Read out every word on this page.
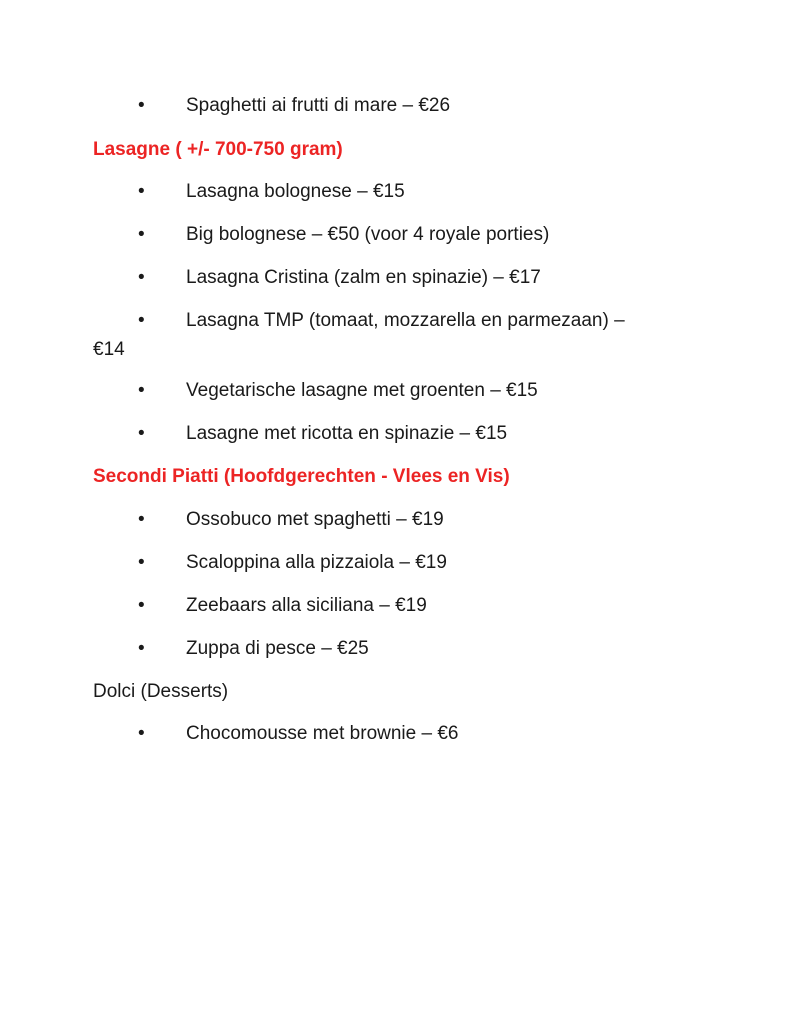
• Spaghetti ai frutti di mare – €26
Lasagne ( +/- 700-750 gram)
• Lasagna bolognese – €15
• Big bolognese – €50 (voor 4 royale porties)
• Lasagna Cristina (zalm en spinazie) – €17
• Lasagna TMP (tomaat, mozzarella en parmezaan) –
€14
• Vegetarische lasagne met groenten – €15
• Lasagne met ricotta en spinazie – €15
Secondi Piatti (Hoofdgerechten - Vlees en Vis)
• Ossobuco met spaghetti – €19
• Scaloppina alla pizzaiola – €19
• Zeebaars alla siciliana – €19
• Zuppa di pesce – €25
Dolci (Desserts)
• Chocomousse met brownie – €6
